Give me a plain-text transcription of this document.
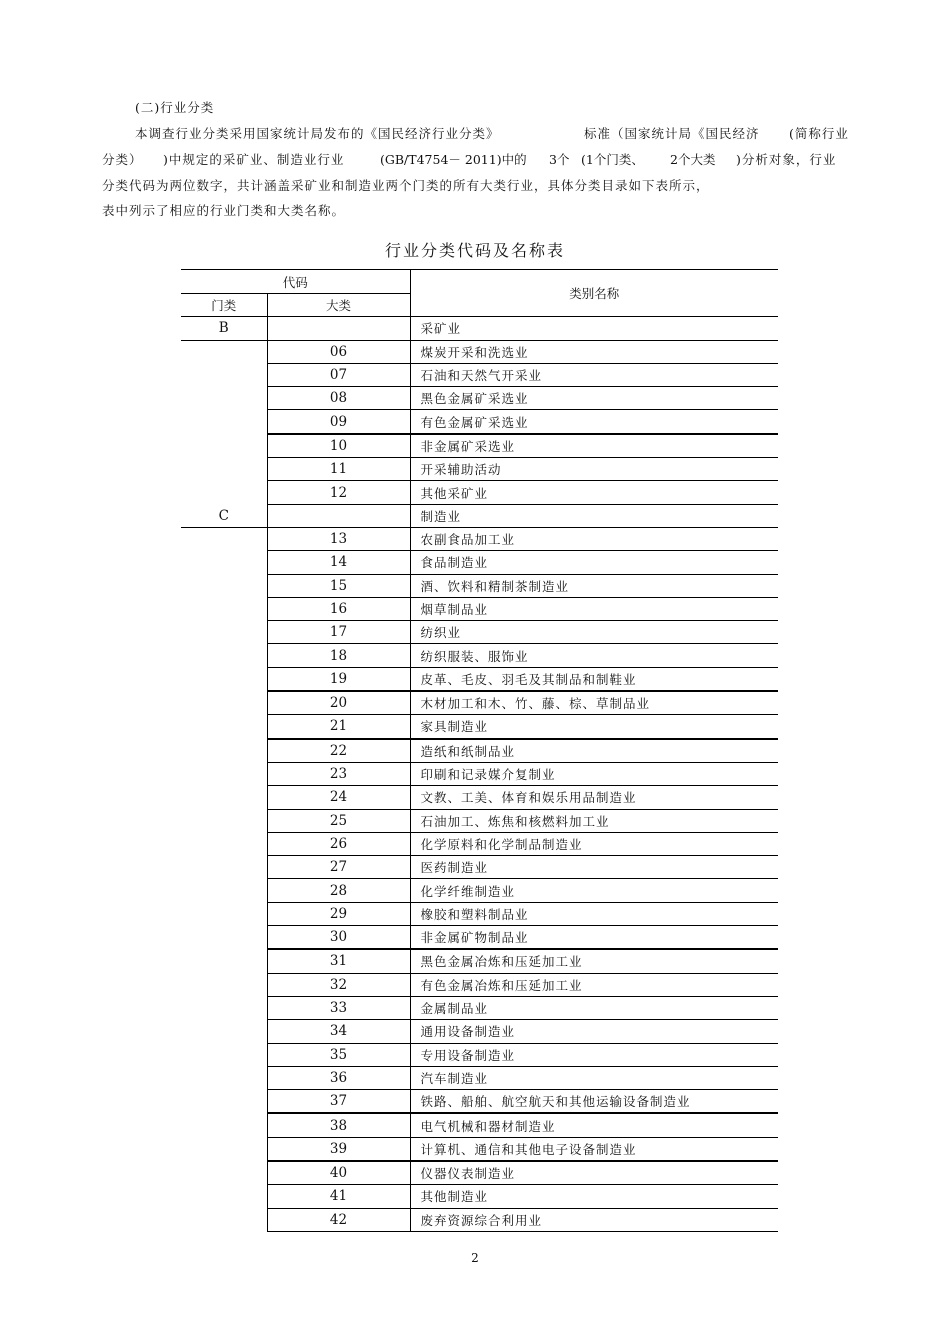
(二)行业分类
本调查行业分类采用国家统计局发布的《国民经济行业分类》	标准（国家统计局《国民经济 (简称行业
分类） )中规定的采矿业、制造业行业	(GB/T4754－ 2011)中的 3个 (1个门类、 2个大类 )分析对象，行业
分类代码为两位数字，共计涵盖采矿业和制造业两个门类的所有大类行业，具体分类目录如下表所示，
表中列示了相应的行业门类和大类名称。
行业分类代码及名称表
代码		类别名称
门类	大类	
B		采矿业
	06	煤炭开采和洗选业
	07	石油和天然气开采业
	08	黑色金属矿采选业
	09	有色金属矿采选业
	10	非金属矿采选业
	11	开采辅助活动
	12	其他采矿业
C		制造业
	13	农副食品加工业
	14	食品制造业
	15	酒、饮料和精制茶制造业
	16	烟草制品业
	17	纺织业
	18	纺织服装、服饰业
	19	皮革、毛皮、羽毛及其制品和制鞋业
	20	木材加工和木、竹、藤、棕、草制品业
	21	家具制造业
	22	造纸和纸制品业
	23	印刷和记录媒介复制业
	24	文教、工美、体育和娱乐用品制造业
	25	石油加工、炼焦和核燃料加工业
	26	化学原料和化学制品制造业
	27	医药制造业
	28	化学纤维制造业
	29	橡胶和塑料制品业
	30	非金属矿物制品业
	31	黑色金属冶炼和压延加工业
	32	有色金属冶炼和压延加工业
	33	金属制品业
	34	通用设备制造业
	35	专用设备制造业
	36	汽车制造业
	37	铁路、船舶、航空航天和其他运输设备制造业
	38	电气机械和器材制造业
	39	计算机、通信和其他电子设备制造业
	40	仪器仪表制造业
	41	其他制造业
	42	废弃资源综合利用业
2
